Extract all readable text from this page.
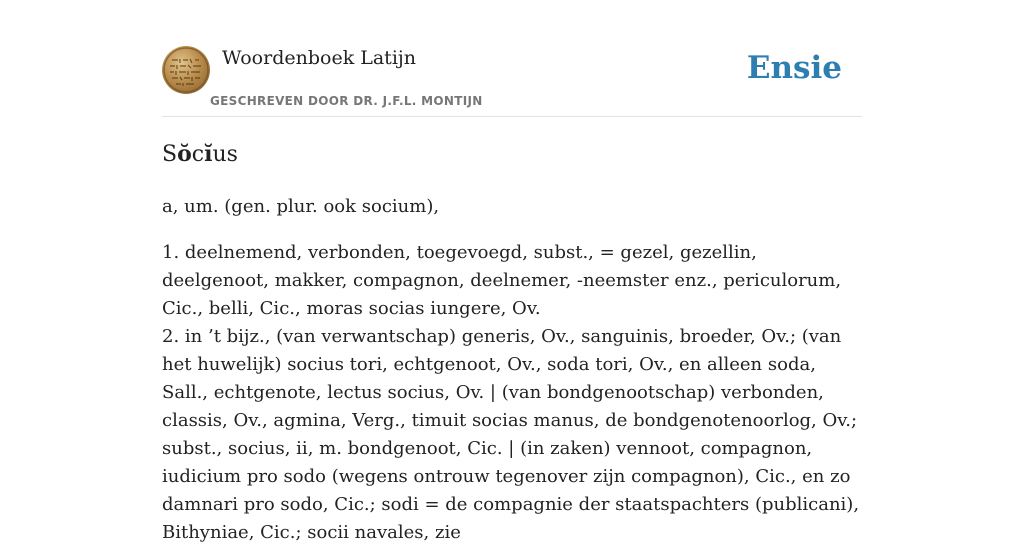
Woordenboek Latijn
GESCHREVEN DOOR DR. J.F.L. MONTIJN
Ensie
Sŏcĭus

a, um. (gen. plur. ook socium),

1. deelnemend, verbonden, toegevoegd, subst., = gezel, gezellin, deelgenoot, makker, compagnon, deelnemer, -neemster enz., periculorum, Cic., belli, Cic., moras socias iungere, Ov.

2. in ’t bijz., (van verwantschap) generis, Ov., sanguinis, broeder, Ov.; (van het huwelijk) socius tori, echtgenoot, Ov., soda tori, Ov., en alleen soda, Sall., echtgenote, lectus socius, Ov. | (van bondgenootschap) verbonden, classis, Ov., agmina, Verg., timuit socias manus, de bondgenotenoorlog, Ov.; subst., socius, ii, m. bondgenoot, Cic. | (in zaken) vennoot, compagnon, iudicium pro sodo (wegens ontrouw tegenover zijn compagnon), Cic., en zo damnari pro sodo, Cic.; sodi = de compagnie der staatspachters (publicani), Bithyniae, Cic.; socii navales, zie
